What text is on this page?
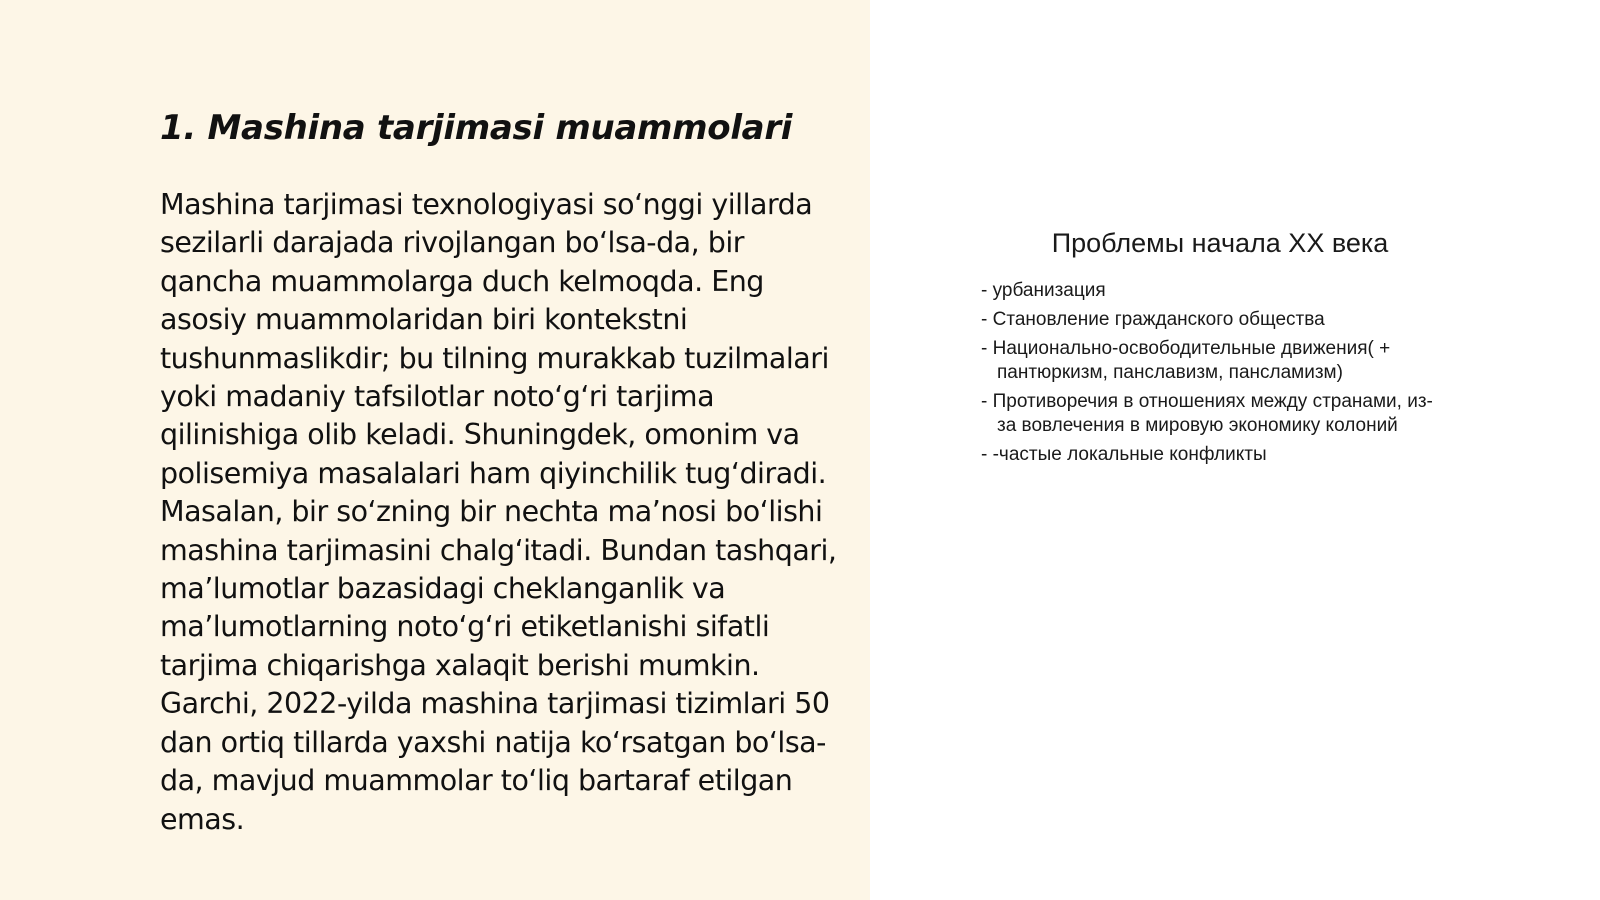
1. Mashina tarjimasi muammolari

Mashina tarjimasi texnologiyasi so‘nggi yillarda sezilarli darajada rivojlangan bo‘lsa-da, bir qancha muammolarga duch kelmoqda. Eng asosiy muammolaridan biri kontekstni tushunmaslikdir; bu tilning murakkab tuzilmalari yoki madaniy tafsilotlar noto‘g‘ri tarjima qilinishiga olib keladi. Shuningdek, omonim va polisemiya masalalari ham qiyinchilik tug‘diradi. Masalan, bir so‘zning bir nechta ma’nosi bo‘lishi mashina tarjimasini chalg‘itadi. Bundan tashqari, ma’lumotlar bazasidagi cheklanganlik va ma’lumotlarning noto‘g‘ri etiketlanishi sifatli tarjima chiqarishga xalaqit berishi mumkin. Garchi, 2022-yilda mashina tarjimasi tizimlari 50 dan ortiq tillarda yaxshi natija ko‘rsatgan bo‘lsa-da, mavjud muammolar to‘liq bartaraf etilgan emas.

Проблемы начала XX века
- урбанизация
- Становление гражданского общества
- Национально-освободительные движения( + пантюркизм, панславизм, панcламизм)
- Противоречия в отношениях между странами, из-за вовлечения в мировую экономику колоний
- -частые локальные конфликты
